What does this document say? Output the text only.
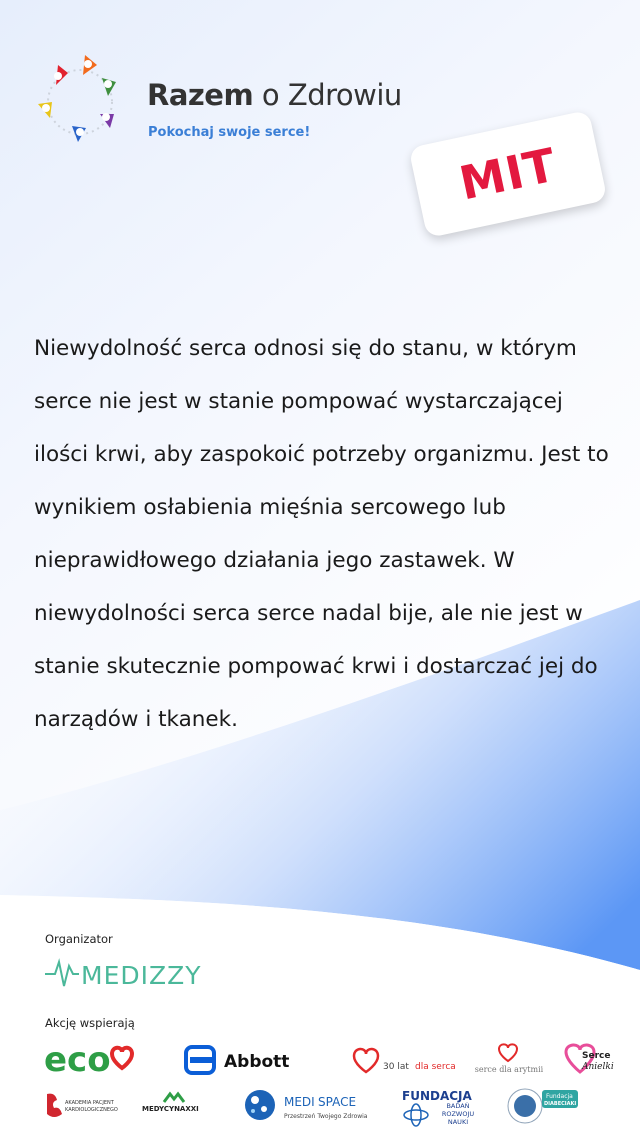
Razem o Zdrowiu
Pokochaj swoje serce!
MIT
Niewydolność serca odnosi się do stanu, w którym serce nie jest w stanie pompować wystarczającej ilości krwi, aby zaspokoić potrzeby organizmu. Jest to wynikiem osłabienia mięśnia sercowego lub nieprawidłowego działania jego zastawek. W niewydolności serca serce nadal bije, ale nie jest w stanie skutecznie pompować krwi i dostarczać jej do narządów i tkanek.
Organizator
MEDIZZY
Akcję wspierają
eco	Abbott	30 lat dla serca serce dla arytmii
Serce
Anielki
AKADEMIA PACJENT
KARDIOLOGICZNEGO	MEDYCYNAXXI	MEDI SPACE
Przestrzeń Twojego Zdrowia
FUNDACJA
BADAŃ
ROZWOJU
NAUKI
Fundacja
DIABECIAKI
